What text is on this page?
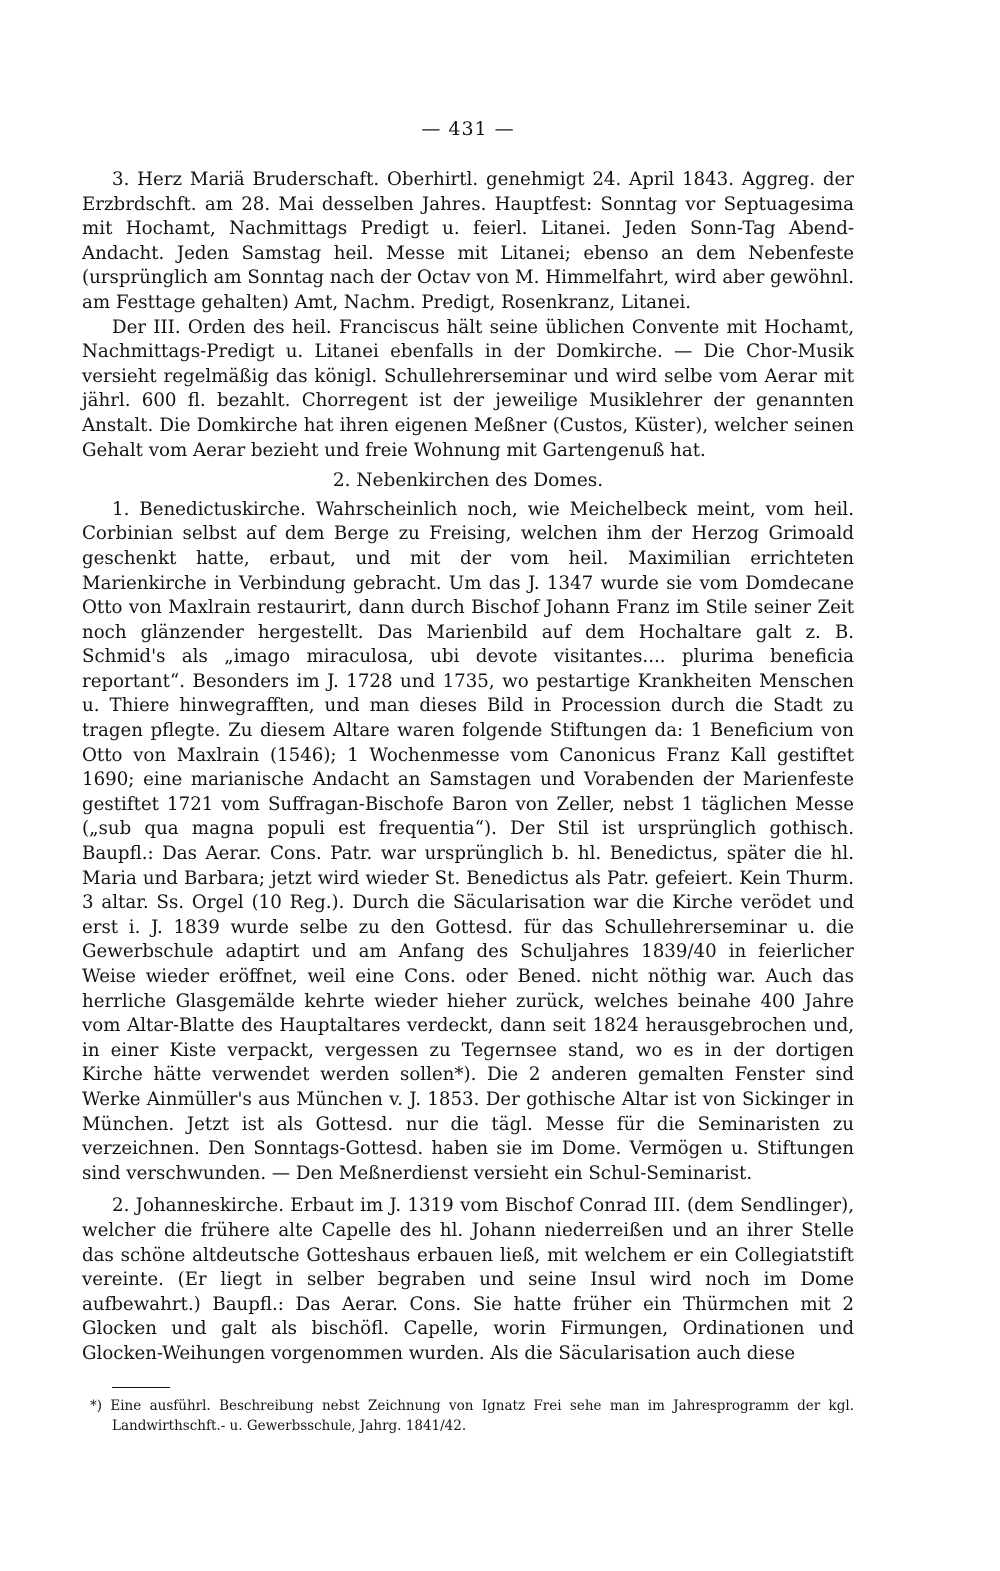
— 431 —

3. Herz Mariä Bruderschaft. Oberhirtl. genehmigt 24. April 1843. Aggreg. der Erzbrdschft. am 28. Mai desselben Jahres. Hauptfest: Sonntag vor Septuagesima mit Hochamt, Nachmittags Predigt u. feierl. Litanei. Jeden Sonn-Tag Abend-Andacht. Jeden Samstag heil. Messe mit Litanei; ebenso an dem Nebenfeste (ursprünglich am Sonntag nach der Octav von M. Himmelfahrt, wird aber gewöhnl. am Festtage gehalten) Amt, Nachm. Predigt, Rosenkranz, Litanei.

Der III. Orden des heil. Franciscus hält seine üblichen Convente mit Hochamt, Nachmittags-Predigt u. Litanei ebenfalls in der Domkirche. — Die Chor-Musik versieht regelmäßig das königl. Schullehrerseminar und wird selbe vom Aerar mit jährl. 600 fl. bezahlt. Chorregent ist der jeweilige Musiklehrer der genannten Anstalt. Die Domkirche hat ihren eigenen Meßner (Custos, Küster), welcher seinen Gehalt vom Aerar bezieht und freie Wohnung mit Gartengenuß hat.

2. Nebenkirchen des Domes.

1. Benedictuskirche. Wahrscheinlich noch, wie Meichelbeck meint, vom heil. Corbinian selbst auf dem Berge zu Freising, welchen ihm der Herzog Grimoald geschenkt hatte, erbaut, und mit der vom heil. Maximilian errichteten Marienkirche in Verbindung gebracht. Um das J. 1347 wurde sie vom Domdecane Otto von Maxlrain restaurirt, dann durch Bischof Johann Franz im Stile seiner Zeit noch glänzender hergestellt. Das Marienbild auf dem Hochaltare galt z. B. Schmid's als „imago miraculosa, ubi devote visitantes.... plurima beneficia reportant“. Besonders im J. 1728 und 1735, wo pestartige Krankheiten Menschen u. Thiere hinwegrafften, und man dieses Bild in Procession durch die Stadt zu tragen pflegte. Zu diesem Altare waren folgende Stiftungen da: 1 Beneficium von Otto von Maxlrain (1546); 1 Wochenmesse vom Canonicus Franz Kall gestiftet 1690; eine marianische Andacht an Samstagen und Vorabenden der Marienfeste gestiftet 1721 vom Suffragan-Bischofe Baron von Zeller, nebst 1 täglichen Messe („sub qua magna populi est frequentia“). Der Stil ist ursprünglich gothisch. Baupfl.: Das Aerar. Cons. Patr. war ursprünglich b. hl. Benedictus, später die hl. Maria und Barbara; jetzt wird wieder St. Benedictus als Patr. gefeiert. Kein Thurm. 3 altar. Ss. Orgel (10 Reg.). Durch die Säcularisation war die Kirche verödet und erst i. J. 1839 wurde selbe zu den Gottesd. für das Schullehrerseminar u. die Gewerbschule adaptirt und am Anfang des Schuljahres 1839/40 in feierlicher Weise wieder eröffnet, weil eine Cons. oder Bened. nicht nöthig war. Auch das herrliche Glasgemälde kehrte wieder hieher zurück, welches beinahe 400 Jahre vom Altar-Blatte des Hauptaltares verdeckt, dann seit 1824 herausgebrochen und, in einer Kiste verpackt, vergessen zu Tegernsee stand, wo es in der dortigen Kirche hätte verwendet werden sollen*). Die 2 anderen gemalten Fenster sind Werke Ainmüller's aus München v. J. 1853. Der gothische Altar ist von Sickinger in München. Jetzt ist als Gottesd. nur die tägl. Messe für die Seminaristen zu verzeichnen. Den Sonntags-Gottesd. haben sie im Dome. Vermögen u. Stiftungen sind verschwunden. — Den Meßnerdienst versieht ein Schul-Seminarist.

2. Johanneskirche. Erbaut im J. 1319 vom Bischof Conrad III. (dem Sendlinger), welcher die frühere alte Capelle des hl. Johann niederreißen und an ihrer Stelle das schöne altdeutsche Gotteshaus erbauen ließ, mit welchem er ein Collegiatstift vereinte. (Er liegt in selber begraben und seine Insul wird noch im Dome aufbewahrt.) Baupfl.: Das Aerar. Cons. Sie hatte früher ein Thürmchen mit 2 Glocken und galt als bischöfl. Capelle, worin Firmungen, Ordinationen und Glocken-Weihungen vorgenommen wurden. Als die Säcularisation auch diese

*) Eine ausführl. Beschreibung nebst Zeichnung von Ignatz Frei sehe man im Jahresprogramm der kgl. Landwirthschft.- u. Gewerbsschule, Jahrg. 1841/42.
